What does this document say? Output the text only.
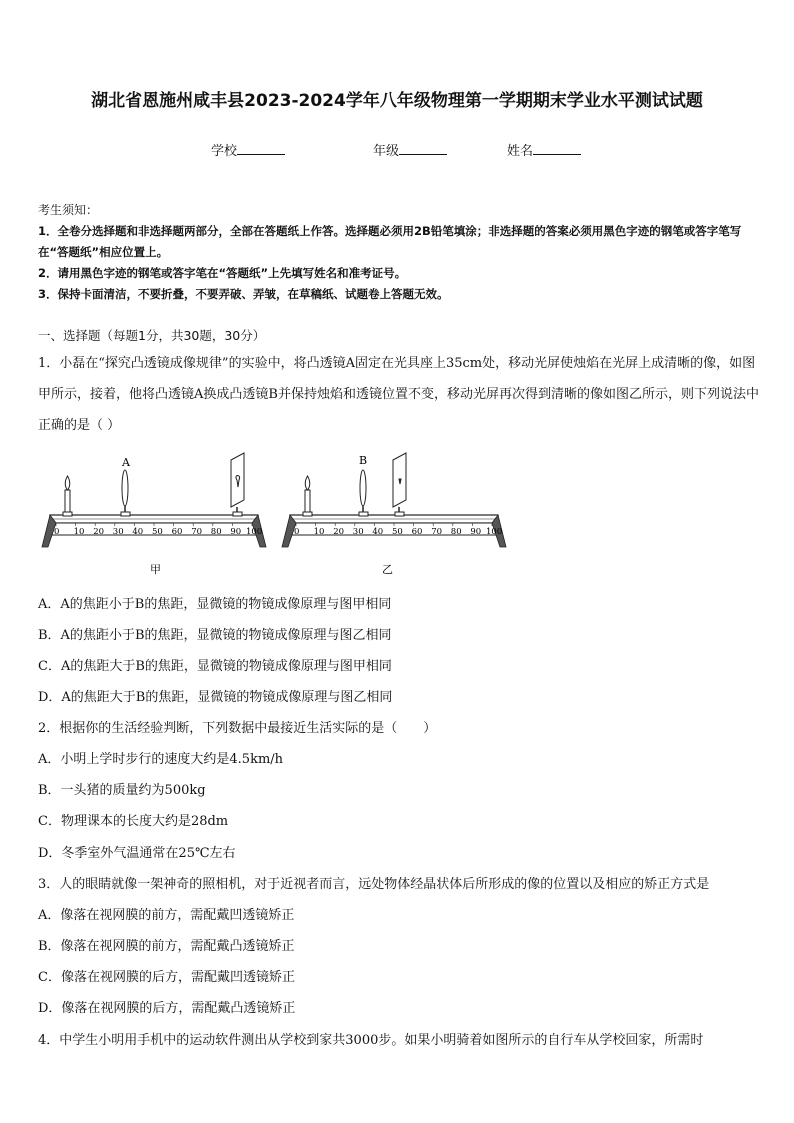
湖北省恩施州咸丰县2023-2024学年八年级物理第一学期期末学业水平测试试题
学校	年级	姓名
考生须知：
1．全卷分选择题和非选择题两部分，全部在答题纸上作答。选择题必须用2B铅笔填涂；非选择题的答案必须用黑色字迹的钢笔或答字笔写在“答题纸”相应位置上。
2．请用黑色字迹的钢笔或答字笔在“答题纸”上先填写姓名和准考证号。
3．保持卡面清洁，不要折叠，不要弄破、弄皱，在草稿纸、试题卷上答题无效。
一、选择题（每题1分，共30题，30分）
1．小磊在“探究凸透镜成像规律”的实验中，将凸透镜A固定在光具座上35cm处，移动光屏使烛焰在光屏上成清晰的像，如图甲所示，接着，他将凸透镜A换成凸透镜B并保持烛焰和透镜位置不变，移动光屏再次得到清晰的像如图乙所示，则下列说法中正确的是（ ）
A
0 10 20 30 40 50 60 70 80 90 100
甲
B
0 10 20 30 40 50 60 70 80 90 100
乙
A．A的焦距小于B的焦距，显微镜的物镜成像原理与图甲相同
B．A的焦距小于B的焦距，显微镜的物镜成像原理与图乙相同
C．A的焦距大于B的焦距，显微镜的物镜成像原理与图甲相同
D．A的焦距大于B的焦距，显微镜的物镜成像原理与图乙相同
2．根据你的生活经验判断，下列数据中最接近生活实际的是（　　）
A．小明上学时步行的速度大约是4.5km/h
B．一头猪的质量约为500kg
C．物理课本的长度大约是28dm
D．冬季室外气温通常在25℃左右
3．人的眼睛就像一架神奇的照相机，对于近视者而言，远处物体经晶状体后所形成的像的位置以及相应的矫正方式是
A．像落在视网膜的前方，需配戴凹透镜矫正
B．像落在视网膜的前方，需配戴凸透镜矫正
C．像落在视网膜的后方，需配戴凹透镜矫正
D．像落在视网膜的后方，需配戴凸透镜矫正
4．中学生小明用手机中的运动软件测出从学校到家共3000步。如果小明骑着如图所示的自行车从学校回家，所需时
